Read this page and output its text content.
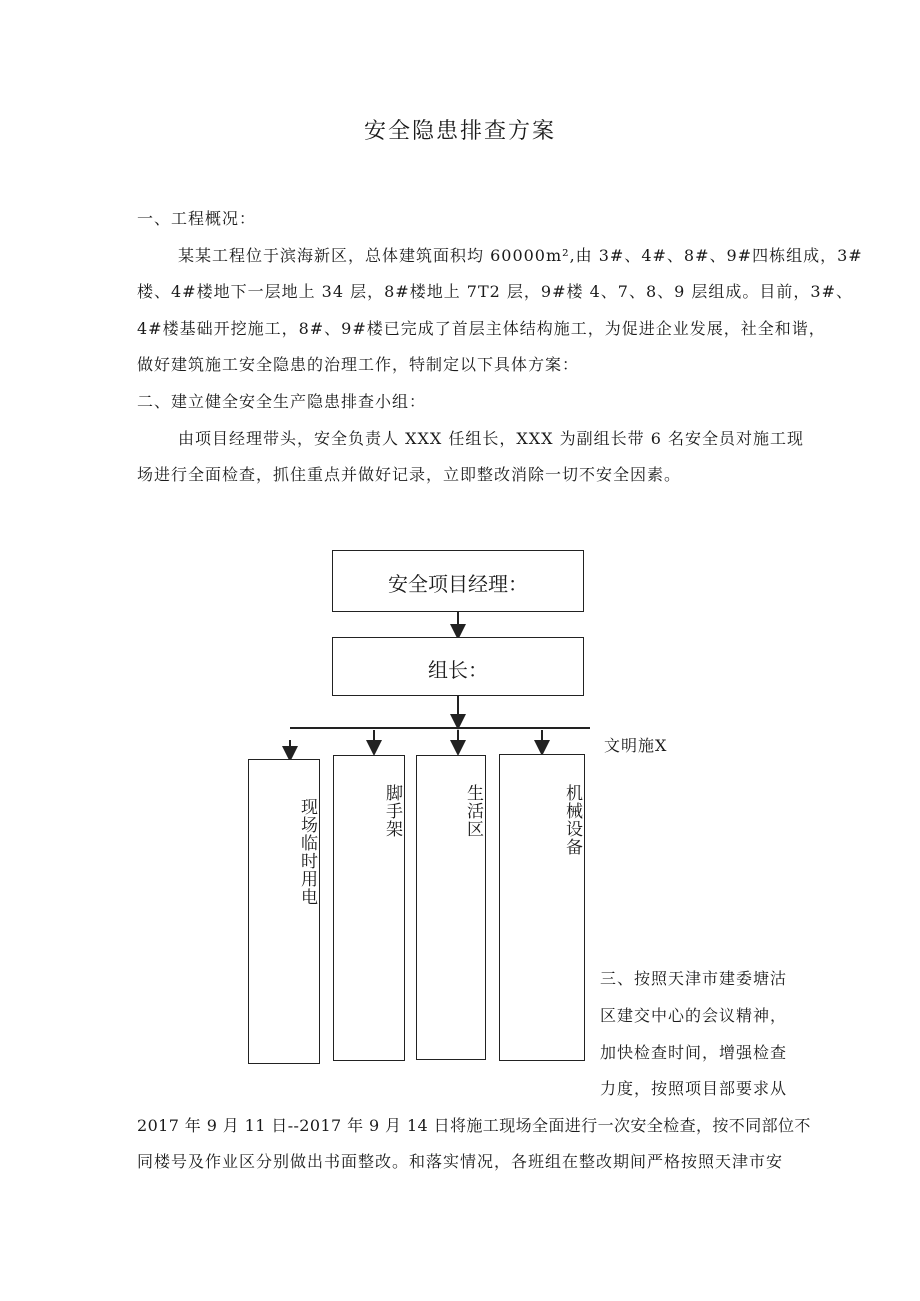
安全隐患排查方案
一、工程概况：
某某工程位于滨海新区，总体建筑面积均 60000m²,由 3#、4#、8#、9#四栋组成，3#
楼、4#楼地下一层地上 34 层，8#楼地上 7T2 层，9#楼 4、7、8、9 层组成。目前，3#、
4#楼基础开挖施工，8#、9#楼已完成了首层主体结构施工，为促进企业发展，社全和谐，
做好建筑施工安全隐患的治理工作，特制定以下具体方案：
二、建立健全安全生产隐患排查小组：
由项目经理带头，安全负责人 XXX 任组长，XXX 为副组长带 6 名安全员对施工现
场进行全面检查，抓住重点并做好记录，立即整改消除一切不安全因素。
安全项目经理：
组长：
文明施X
现场临时用电	脚手架	生活区	机械设备
三、按照天津市建委塘沽
区建交中心的会议精神，
加快检查时间，增强检查
力度，按照项目部要求从
2017 年 9 月 11 日--2017 年 9 月 14 日将施工现场全面进行一次安全检查，按不同部位不
同楼号及作业区分别做出书面整改。和落实情况，各班组在整改期间严格按照天津市安
